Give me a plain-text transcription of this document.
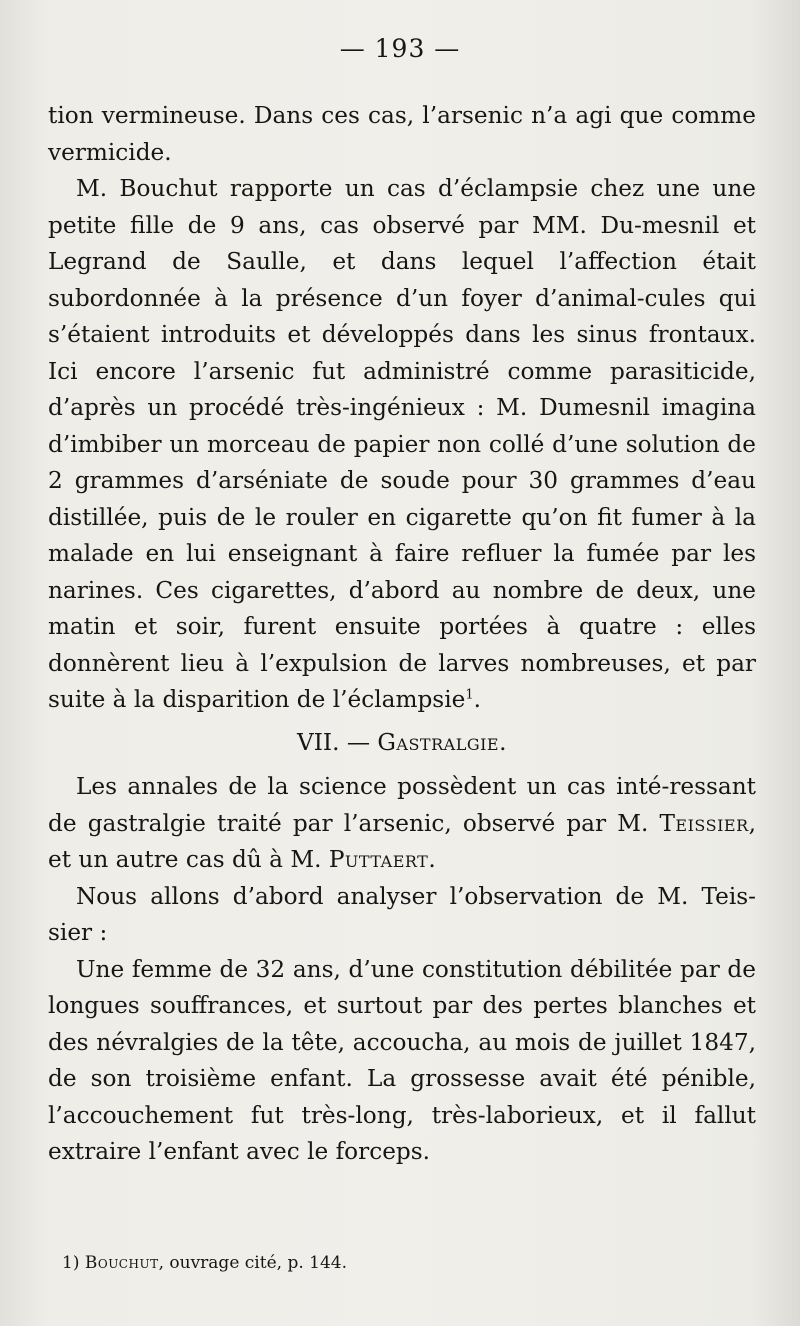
— 193 —

tion vermineuse. Dans ces cas, l’arsenic n’a agi que comme vermicide.

M. Bouchut rapporte un cas d’éclampsie chez une une petite fille de 9 ans, cas observé par MM. Du-mesnil et Legrand de Saulle, et dans lequel l’affection était subordonnée à la présence d’un foyer d’animal-cules qui s’étaient introduits et développés dans les sinus frontaux. Ici encore l’arsenic fut administré comme parasiticide, d’après un procédé très-ingénieux : M. Dumesnil imagina d’imbiber un morceau de papier non collé d’une solution de 2 grammes d’arséniate de soude pour 30 grammes d’eau distillée, puis de le rouler en cigarette qu’on fit fumer à la malade en lui enseignant à faire refluer la fumée par les narines. Ces cigarettes, d’abord au nombre de deux, une matin et soir, furent ensuite portées à quatre : elles donnèrent lieu à l’expulsion de larves nombreuses, et par suite à la disparition de l’éclampsie$^1$.

VII. — Gastralgie.

Les annales de la science possèdent un cas inté-ressant de gastralgie traité par l’arsenic, observé par M. Teissier, et un autre cas dû à M. Puttaert.

Nous allons d’abord analyser l’observation de M. Teis-sier :

Une femme de 32 ans, d’une constitution débilitée par de longues souffrances, et surtout par des pertes blanches et des névralgies de la tête, accoucha, au mois de juillet 1847, de son troisième enfant. La grossesse avait été pénible, l’accouchement fut très-long, très-laborieux, et il fallut extraire l’enfant avec le forceps.

1) Bouchut, ouvrage cité, p. 144.
